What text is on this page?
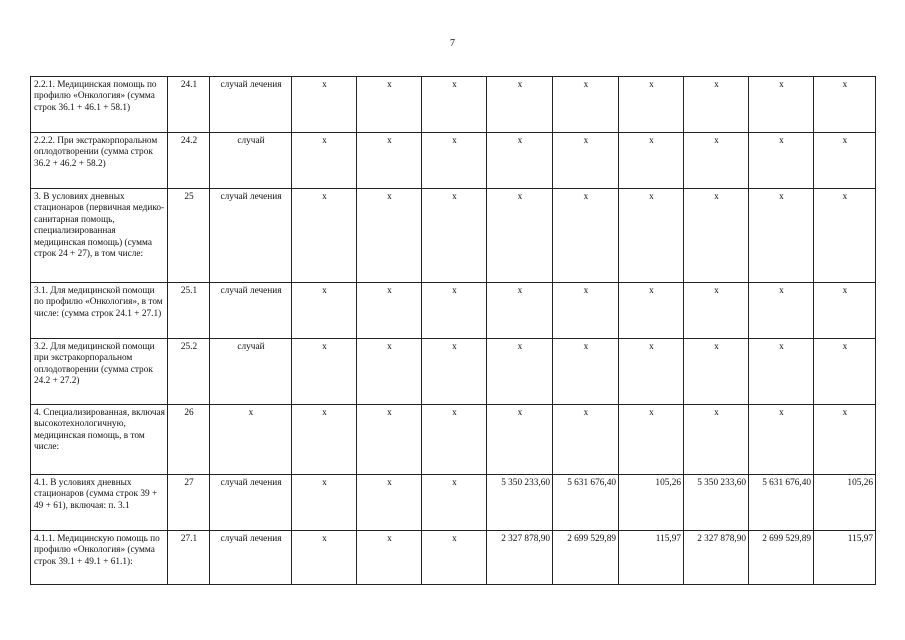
7
2.2.1. Медицинская помощь по профилю «Онкология» (сумма строк 36.1 + 46.1 + 58.1)	24.1	случай лечения	x	x	x	x	x	x	x	x	x
2.2.2. При экстракорпоральном оплодотворении (сумма строк 36.2 + 46.2 + 58.2)	24.2	случай	x	x	x	x	x	x	x	x	x
3. В условиях дневных стационаров (первичная медико-санитарная помощь, специализированная медицинская помощь) (сумма строк 24 + 27), в том числе:	25	случай лечения	x	x	x	x	x	x	x	x	x
3.1. Для медицинской помощи по профилю «Онкология», в том числе: (сумма строк 24.1 + 27.1)	25.1	случай лечения	x	x	x	x	x	x	x	x	x
3.2. Для медицинской помощи при экстракорпоральном оплодотворении (сумма строк 24.2 + 27.2)	25.2	случай	x	x	x	x	x	x	x	x	x
4. Специализированная, включая высокотехнологичную, медицинская помощь, в том числе:	26	x	x	x	x	x	x	x	x	x	x
4.1. В условиях дневных стационаров (сумма строк 39 + 49 + 61), включая: п. 3.1	27	случай лечения	x	x	x	5 350 233,60	5 631 676,40	105,26	5 350 233,60	5 631 676,40	105,26
4.1.1. Медицинскую помощь по профилю «Онкология» (сумма строк 39.1 + 49.1 + 61.1):	27.1	случай лечения	x	x	x	2 327 878,90	2 699 529,89	115,97	2 327 878,90	2 699 529,89	115,97
